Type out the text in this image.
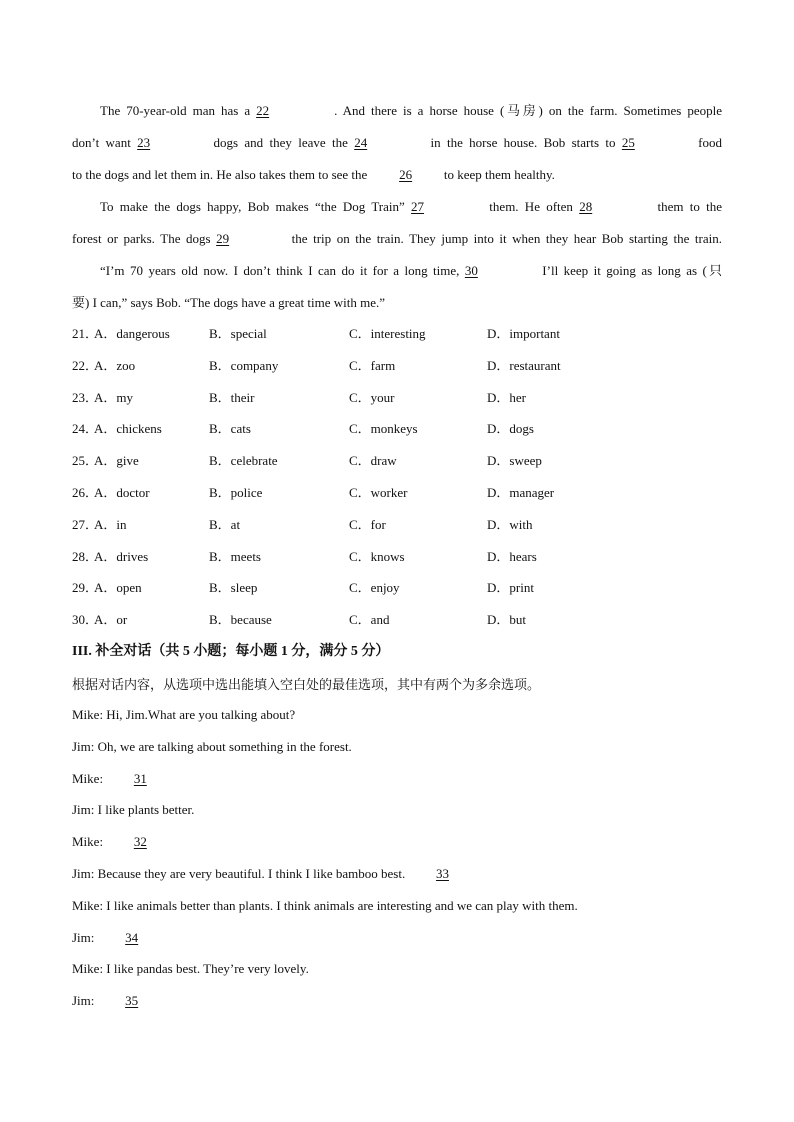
The 70-year-old man has a 22	. And there is a horse house (马房) on the farm. Sometimes people
don’t want 23	dogs and they leave the 24	in the horse house. Bob starts to 25	food
to the dogs and let them in. He also takes them to see the 26 to keep them healthy.
To make the dogs happy, Bob makes “the Dog Train” 27	them. He often 28	them to the
forest or parks. The dogs 29	the trip on the train. They jump into it when they hear Bob starting the train.
“I’m 70 years old now. I don’t think I can do it for a long time, 30	I’ll keep it going as long as (只
要) I can,” says Bob. “The dogs have a great time with me.”
21．
A．dangerous	B．special	C．interesting	D．important
22．
A．zoo	B．company	C．farm	D．restaurant
23．
A．my	B．their	C．your	D．her
24．
A．chickens	B．cats	C．monkeys	D．dogs
25．
A．give	B．celebrate	C．draw	D．sweep
26．
A．doctor	B．police	C．worker	D．manager
27．
A．in	B．at	C．for	D．with
28．
A．drives	B．meets	C．knows	D．hears
29．
A．open	B．sleep	C．enjoy	D．print
30．
A．or	B．because	C．and	D．but
III. 补全对话（共 5 小题；每小题 1 分，满分 5 分）
根据对话内容，从选项中选出能填入空白处的最佳选项，其中有两个为多余选项。
Mike: Hi, Jim.What are you talking about?
Jim: Oh, we are talking about something in the forest.
Mike: 31
Jim: I like plants better.
Mike: 32
Jim: Because they are very beautiful. I think I like bamboo best. 33
Mike: I like animals better than plants. I think animals are interesting and we can play with them.
Jim: 34
Mike: I like pandas best. They’re very lovely.
Jim: 35
